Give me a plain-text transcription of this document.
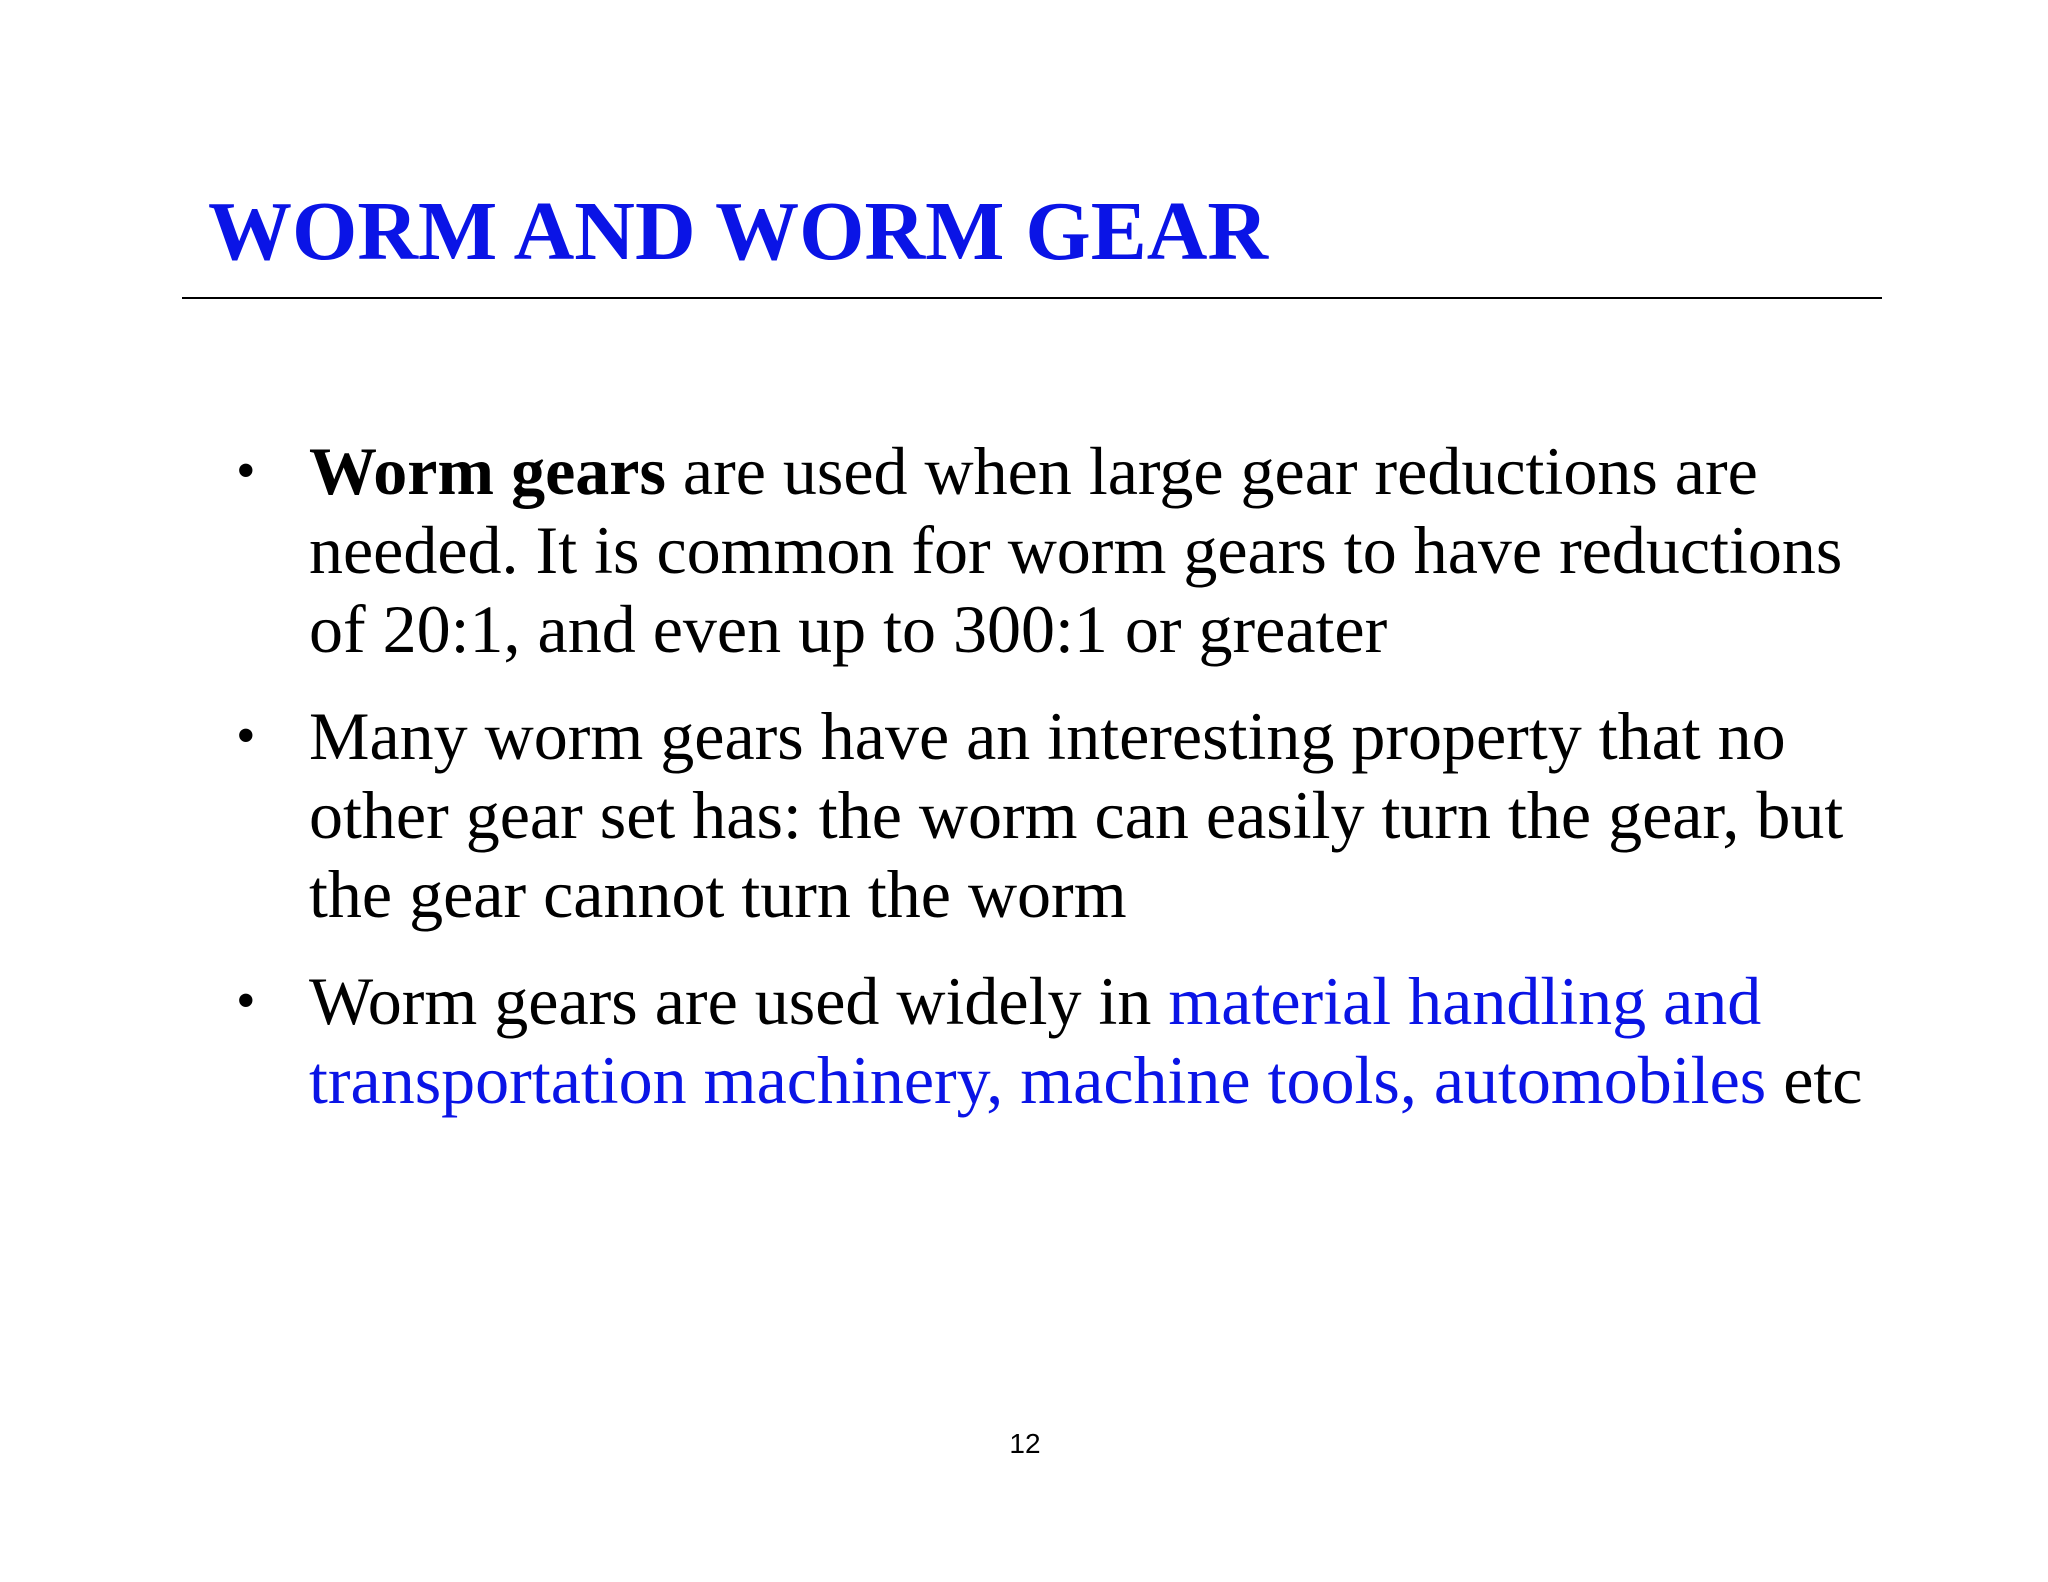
WORM AND WORM GEAR
• Worm gears are used when large gear reductions are needed. It is common for worm gears to have reductions of 20:1, and even up to 300:1 or greater
• Many worm gears have an interesting property that no other gear set has: the worm can easily turn the gear, but the gear cannot turn the worm
• Worm gears are used widely in material handling and transportation machinery, machine tools, automobiles etc
12
